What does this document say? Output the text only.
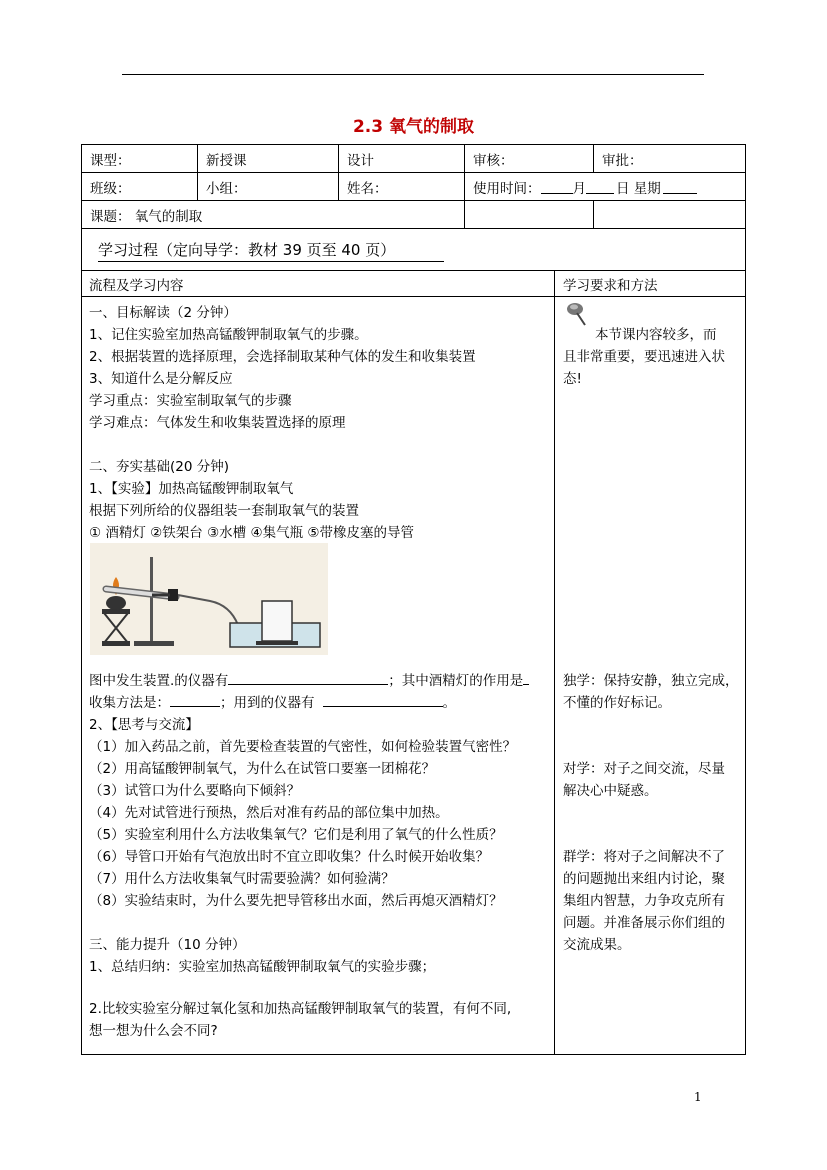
2.3 氧气的制取
课型：	新授课	设计	审核：	审批：
班级：	小组：	姓名：	使用时间： 月 日 星期
课题： 氧气的制取
学习过程（定向导学：教材 39 页至 40 页）
流程及学习内容	学习要求和方法
一、目标解读（2 分钟）
1、记住实验室加热高锰酸钾制取氧气的步骤。
2、根据装置的选择原理，会选择制取某种气体的发生和收集装置
3、知道什么是分解反应
学习重点：实验室制取氧气的步骤
学习难点：气体发生和收集装置选择的原理
二、夯实基础(20 分钟)
1、【实验】加热高锰酸钾制取氧气
根据下列所给的仪器组装一套制取氧气的装置
① 酒精灯 ②铁架台 ③水槽 ④集气瓶 ⑤带橡皮塞的导管
图中发生装置.的仪器有	；其中酒精灯的作用是
收集方法是：	；用到的仪器有	。
2、【思考与交流】
（1）加入药品之前，首先要检查装置的气密性，如何检验装置气密性？
（2）用高锰酸钾制氧气，为什么在试管口要塞一团棉花？
（3）试管口为什么要略向下倾斜？
（4）先对试管进行预热，然后对准有药品的部位集中加热。
（5）实验室利用什么方法收集氧气？它们是利用了氧气的什么性质？
（6）导管口开始有气泡放出时不宜立即收集？什么时候开始收集？
（7）用什么方法收集氧气时需要验满？如何验满？
（8）实验结束时，为什么要先把导管移出水面，然后再熄灭酒精灯？
三、能力提升（10 分钟）
1、总结归纳：实验室加热高锰酸钾制取氧气的实验步骤；
2.比较实验室分解过氧化氢和加热高锰酸钾制取氧气的装置，有何不同,
想一想为什么会不同?
本节课内容较多，而
且非常重要，要迅速进入状
态!
独学：保持安静，独立完成，
不懂的作好标记。
对学：对子之间交流，尽量
解决心中疑惑。
群学：将对子之间解决不了
的问题抛出来组内讨论，聚
集组内智慧，力争攻克所有
问题。并准备展示你们组的
交流成果。
1
